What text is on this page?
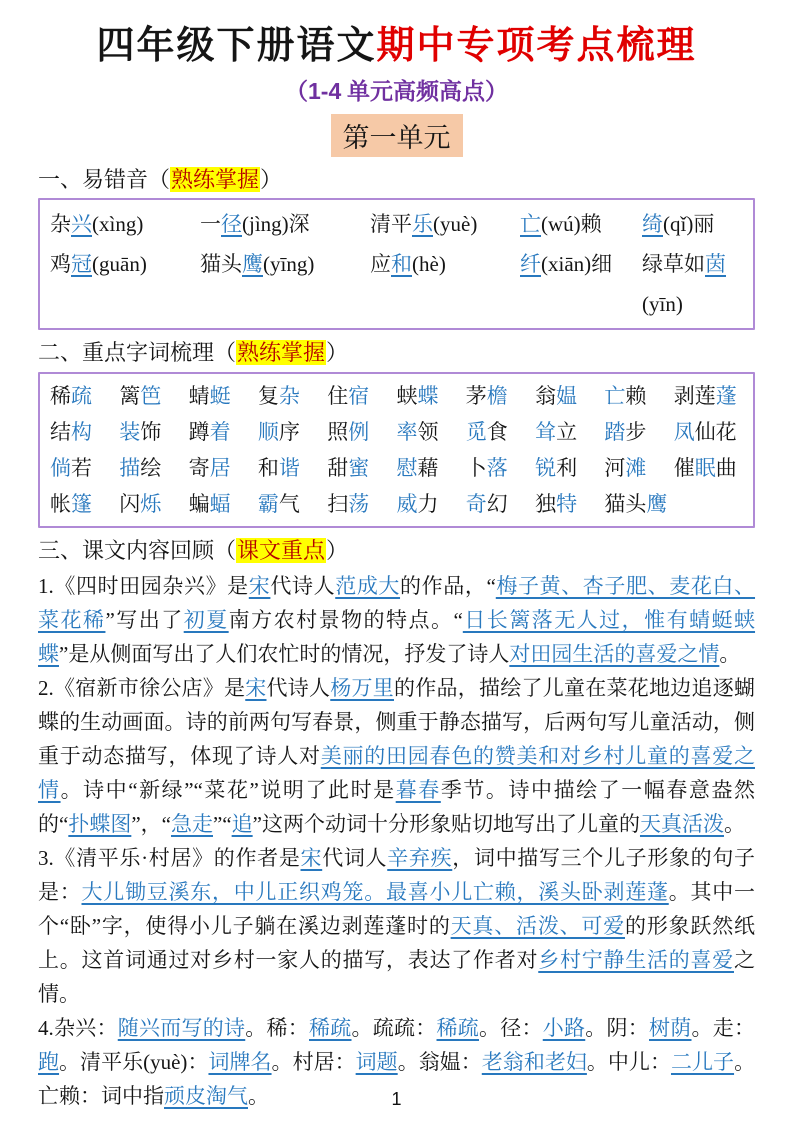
四年级下册语文期中专项考点梳理
（1-4 单元高频高点）
第一单元
一、易错音（熟练掌握）
杂兴(xìng)	一径(jìng)深	清平乐(yuè)	亡(wú)赖	绮(qǐ)丽
鸡冠(guān)	猫头鹰(yīng)	应和(hè)	纤(xiān)细	绿草如茵(yīn)
二、重点字词梳理（熟练掌握）
稀疏	篱笆	蜻蜓	复杂	住宿	蛱蝶	茅檐	翁媪	亡赖	剥莲蓬
结构	装饰	蹲着	顺序	照例	率领	觅食	耸立	踏步	凤仙花
倘若	描绘	寄居	和谐	甜蜜	慰藉	卜落	锐利	河滩	催眠曲
帐篷	闪烁	蝙蝠	霸气	扫荡	威力	奇幻	独特	猫头鹰
三、课文内容回顾（课文重点）

1.《四时田园杂兴》是宋代诗人范成大的作品，“梅子黄、杏子肥、麦花白、菜花稀”写出了初夏南方农村景物的特点。“日长篱落无人过，惟有蜻蜓蛱蝶”是从侧面写出了人们农忙时的情况，抒发了诗人对田园生活的喜爱之情。

2.《宿新市徐公店》是宋代诗人杨万里的作品，描绘了儿童在菜花地边追逐蝴蝶的生动画面。诗的前两句写春景，侧重于静态描写，后两句写儿童活动，侧重于动态描写，体现了诗人对美丽的田园春色的赞美和对乡村儿童的喜爱之情。诗中“新绿”“菜花”说明了此时是暮春季节。诗中描绘了一幅春意盎然的“扑蝶图”，“急走”“追”这两个动词十分形象贴切地写出了儿童的天真活泼。

3.《清平乐·村居》的作者是宋代词人辛弃疾，词中描写三个儿子形象的句子是：大儿锄豆溪东，中儿正织鸡笼。最喜小儿亡赖，溪头卧剥莲蓬。其中一个“卧”字，使得小儿子躺在溪边剥莲蓬时的天真、活泼、可爱的形象跃然纸上。这首词通过对乡村一家人的描写，表达了作者对乡村宁静生活的喜爱之情。

4.杂兴：随兴而写的诗。稀：稀疏。疏疏：稀疏。径：小路。阴：树荫。走：跑。清平乐(yuè)：词牌名。村居：词题。翁媪：老翁和老妇。中儿：二儿子。亡赖：词中指顽皮淘气。	1
